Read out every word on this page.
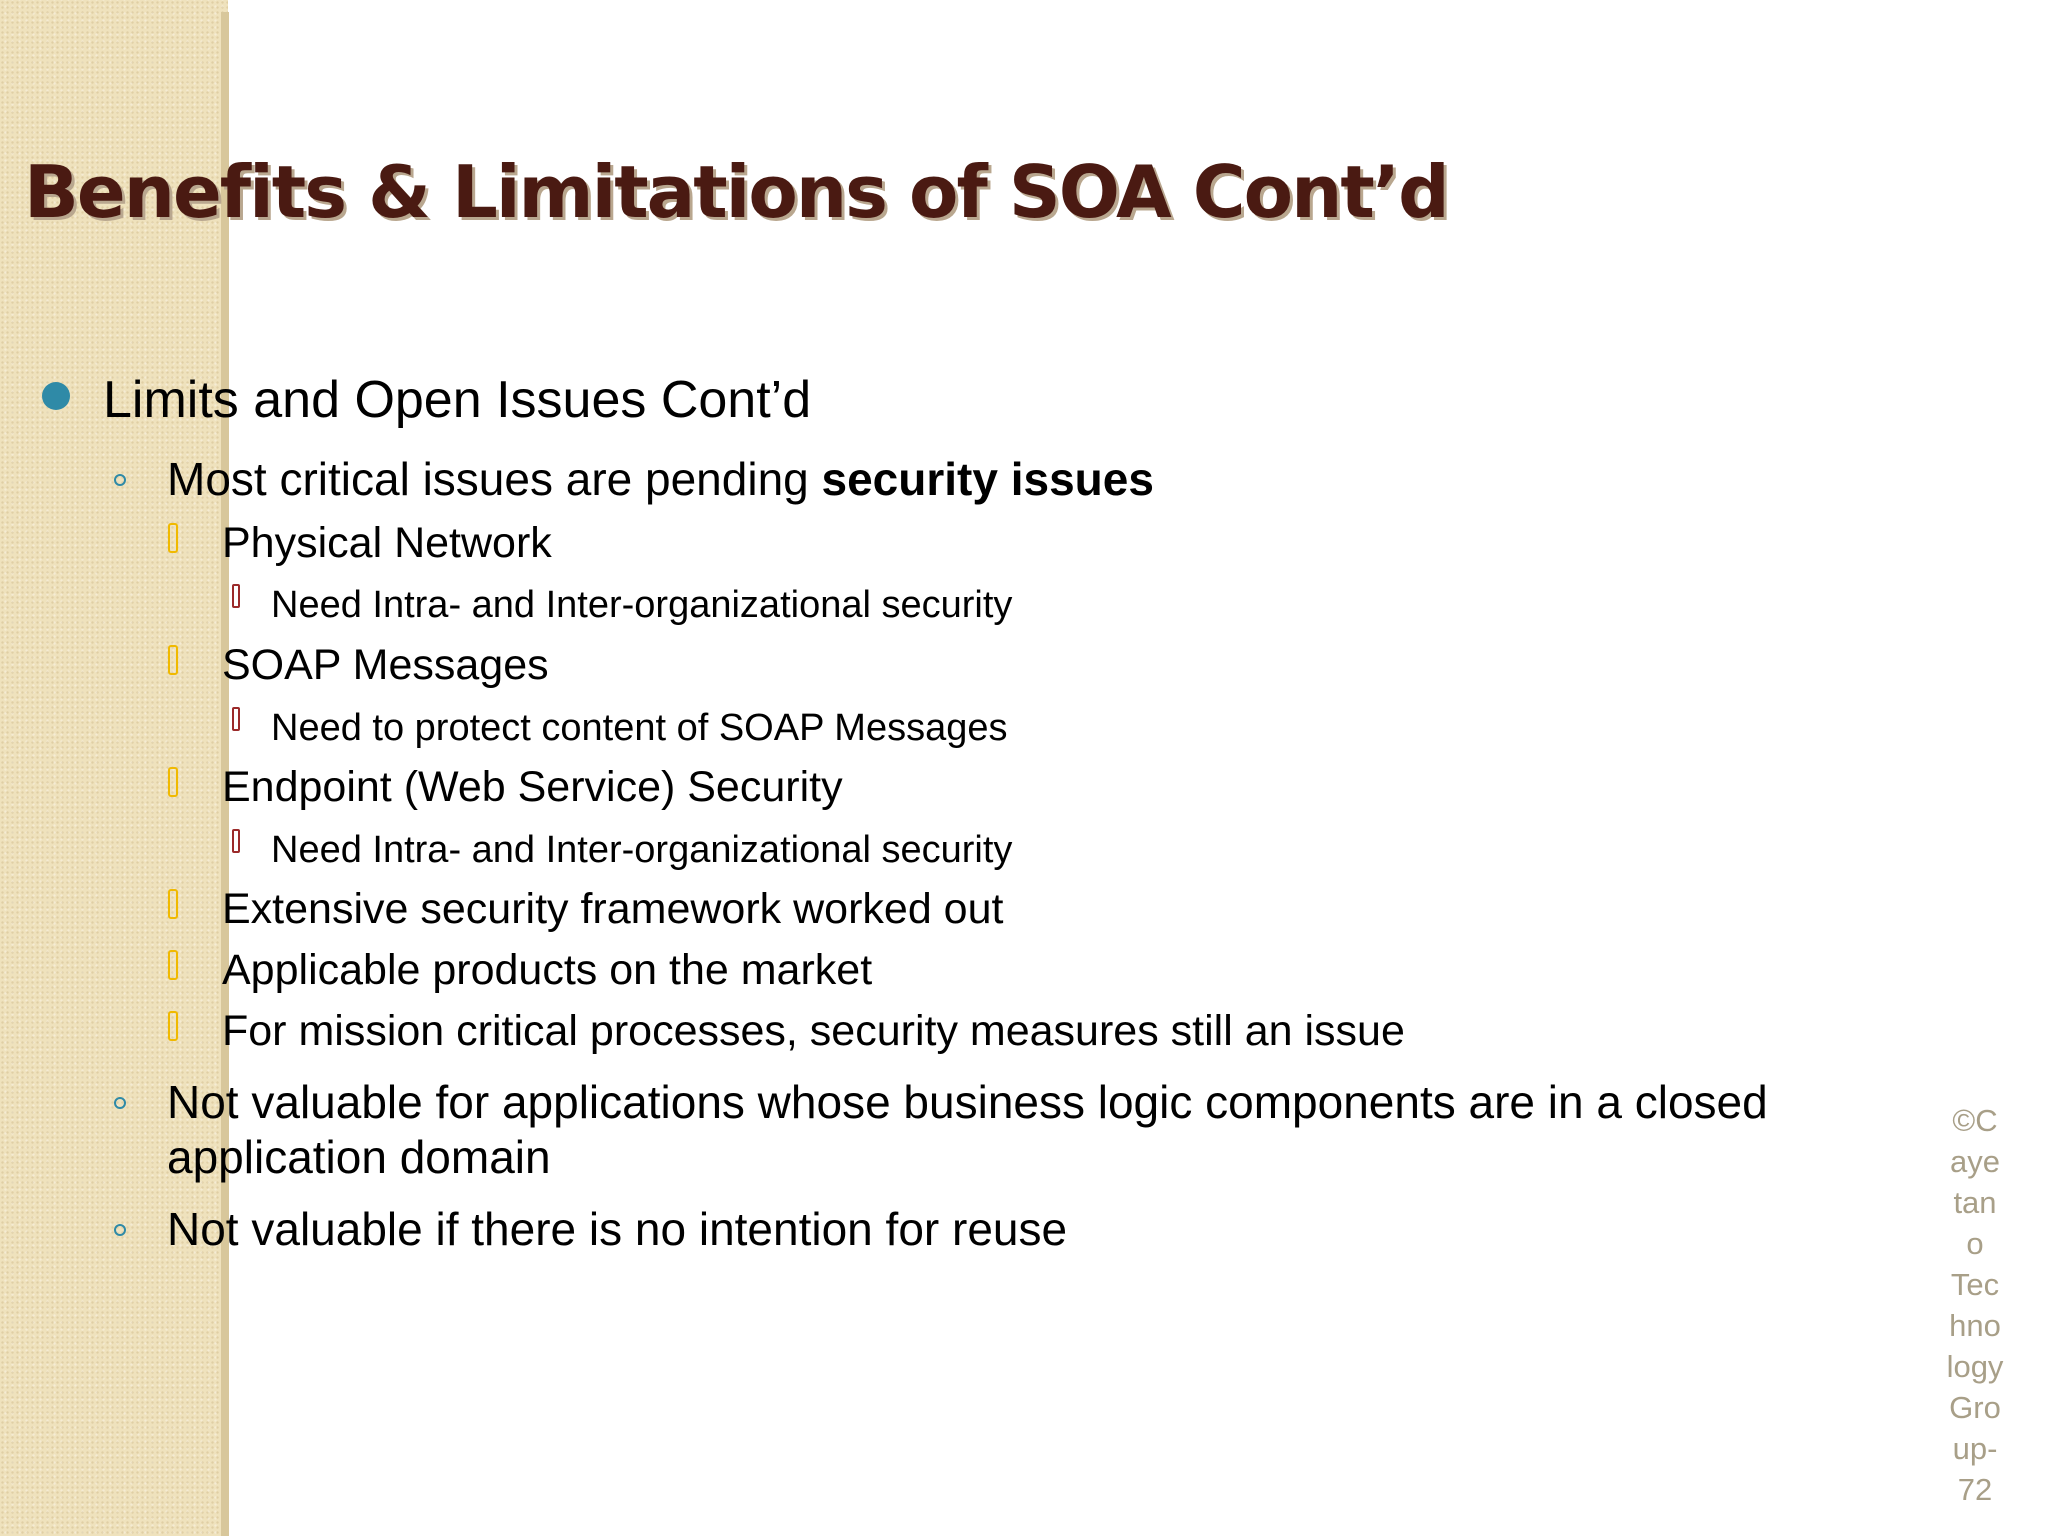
Benefits & Limitations of SOA Cont’d
Limits and Open Issues Cont’d
Most critical issues are pending security issues
Physical Network
Need Intra- and Inter-organizational security
SOAP Messages
Need to protect content of SOAP Messages
Endpoint (Web Service) Security
Need Intra- and Inter-organizational security
Extensive security framework worked out
Applicable products on the market
For mission critical processes, security measures still an issue
Not valuable for applications whose business logic components are in a closed
application domain
Not valuable if there is no intention for reuse
©C
aye
tan
o
Tec
hno
logy
Gro
up-
72
